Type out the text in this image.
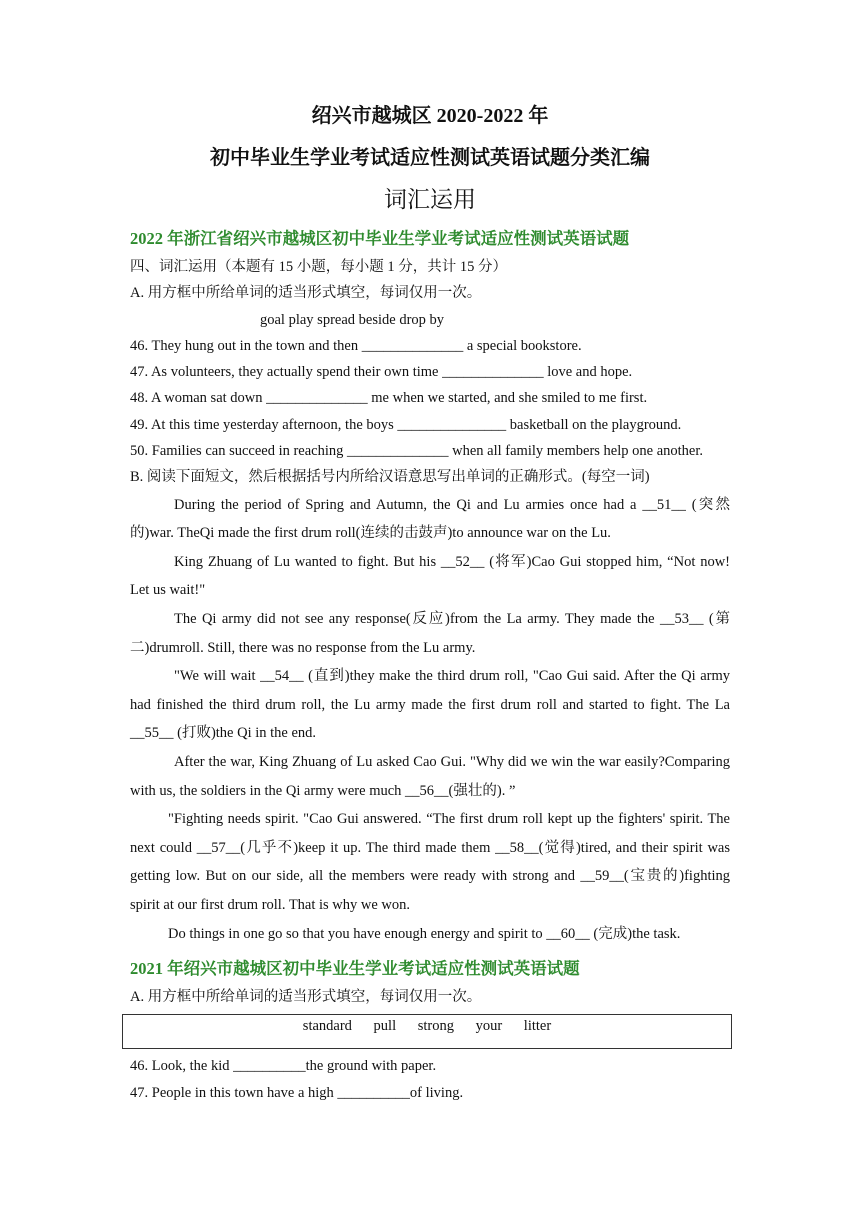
绍兴市越城区 2020-2022 年
初中毕业生学业考试适应性测试英语试题分类汇编
词汇运用
2022 年浙江省绍兴市越城区初中毕业生学业考试适应性测试英语试题
四、词汇运用（本题有 15 小题，每小题 1 分，共计 15 分）
A. 用方框中所给单词的适当形式填空，每词仅用一次。
goal play spread beside drop by
46. They hung out in the town and then ______________ a special bookstore.
47. As volunteers, they actually spend their own time ______________ love and hope.
48. A woman sat down ______________ me when we started, and she smiled to me first.
49. At this time yesterday afternoon, the boys _______________ basketball on the playground.
50. Families can succeed in reaching ______________ when all family members help one another.
B. 阅读下面短文，然后根据括号内所给汉语意思写出单词的正确形式。(每空一词)

During the period of Spring and Autumn, the Qi and Lu armies once had a __51__ (突然的)war. TheQi made the first drum roll(连续的击鼓声)to announce war on the Lu.

King Zhuang of Lu wanted to fight. But his __52__ (将军)Cao Gui stopped him, “Not now! Let us wait!"

The Qi army did not see any response(反应)from the La army. They made the __53__ (第二)drumroll. Still, there was no response from the Lu army.

"We will wait __54__ (直到)they make the third drum roll, "Cao Gui said. After the Qi army had finished the third drum roll, the Lu army made the first drum roll and started to fight. The La __55__ (打败)the Qi in the end.

After the war, King Zhuang of Lu asked Cao Gui. "Why did we win the war easily?Comparing with us, the soldiers in the Qi army were much __56__(强壮的). ”

"Fighting needs spirit. "Cao Gui answered. “The first drum roll kept up the fighters' spirit. The next could __57__(几乎不)keep it up. The third made them __58__(觉得)tired, and their spirit was getting low. But on our side, all the members were ready with strong and __59__(宝贵的)fighting spirit at our first drum roll. That is why we won.

Do things in one go so that you have enough energy and spirit to __60__ (完成)the task.

2021 年绍兴市越城区初中毕业生学业考试适应性测试英语试题
A. 用方框中所给单词的适当形式填空，每词仅用一次。
standard pull strong your litter
46. Look, the kid __________the ground with paper.
47. People in this town have a high __________of living.
